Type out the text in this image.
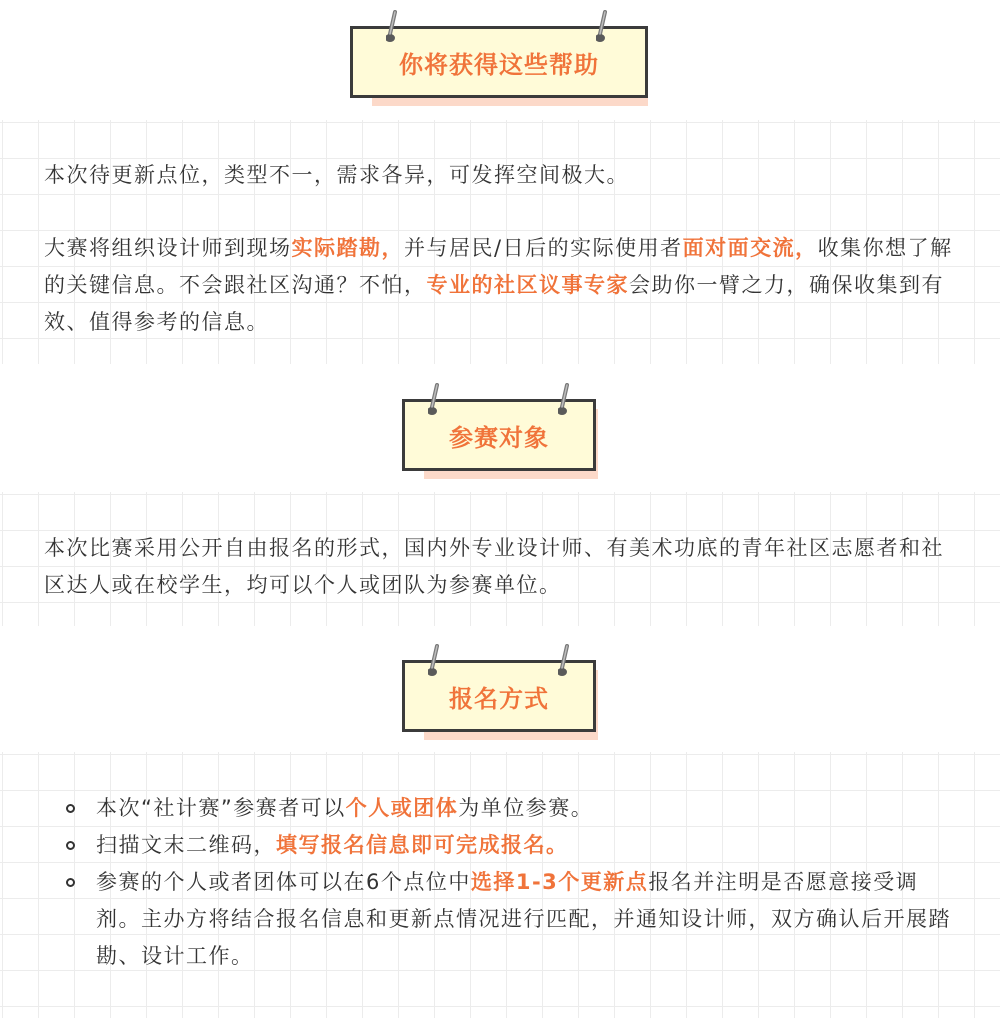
你将获得这些帮助

本次待更新点位，类型不一，需求各异，可发挥空间极大。

大赛将组织设计师到现场实际踏勘，并与居民/日后的实际使用者面对面交流，收集你想了解的关键信息。不会跟社区沟通？不怕，专业的社区议事专家会助你一臂之力，确保收集到有效、值得参考的信息。

参赛对象

本次比赛采用公开自由报名的形式，国内外专业设计师、有美术功底的青年社区志愿者和社区达人或在校学生，均可以个人或团队为参赛单位。

报名方式
本次“社计赛”参赛者可以个人或团体为单位参赛。
扫描文末二维码，填写报名信息即可完成报名。
参赛的个人或者团体可以在6个点位中选择1-3个更新点报名并注明是否愿意接受调剂。主办方将结合报名信息和更新点情况进行匹配，并通知设计师，双方确认后开展踏勘、设计工作。
